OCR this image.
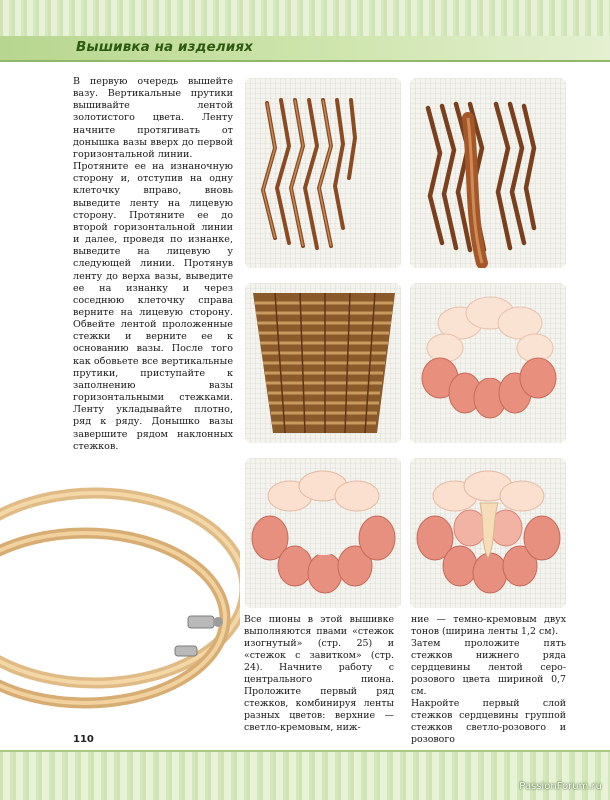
Вышивка на изделиях

В первую очередь вышейте вазу. Вертикальные прутики вышивайте лентой золотистого цвета. Ленту начните протягивать от донышка вазы вверх до первой горизонтальной линии.

Протяните ее на изнаночную сторону и, отступив на одну клеточку вправо, вновь выведите ленту на лицевую сторону. Протяните ее до второй горизонтальной линии и далее, проведя по изнанке, выведите на лицевую у следующей линии. Протянув ленту до верха вазы, выведите ее на изнанку и через соседнюю клеточку справа верните на лицевую сторону. Обвейте лентой проложенные стежки и верните ее к основанию вазы. После того как обовьете все вертикальные прутики, приступайте к заполнению вазы горизонтальными стежками. Ленту укладывайте плотно, ряд к ряду. Донышко вазы завершите рядом наклонных стежков.

Все пионы в этой вышивке выполняются пвами «стежок изогнутый» (стр. 25) и «стежок с завитком» (стр. 24). Начните работу с центрального пиона. Проложите первый ряд стежков, комбинируя ленты разных цветов: верхние — светло-кремовым, ниж-

ние — темно-кремовым двух тонов (ширина ленты 1,2 см).

Затем проложите пять стежков нижнего ряда сердцевины лентой серо-розового цвета шириной 0,7 см.

Накройте первый слой стежков сердцевины группой стежков светло-розового и розового

110
PassionForum.ru
